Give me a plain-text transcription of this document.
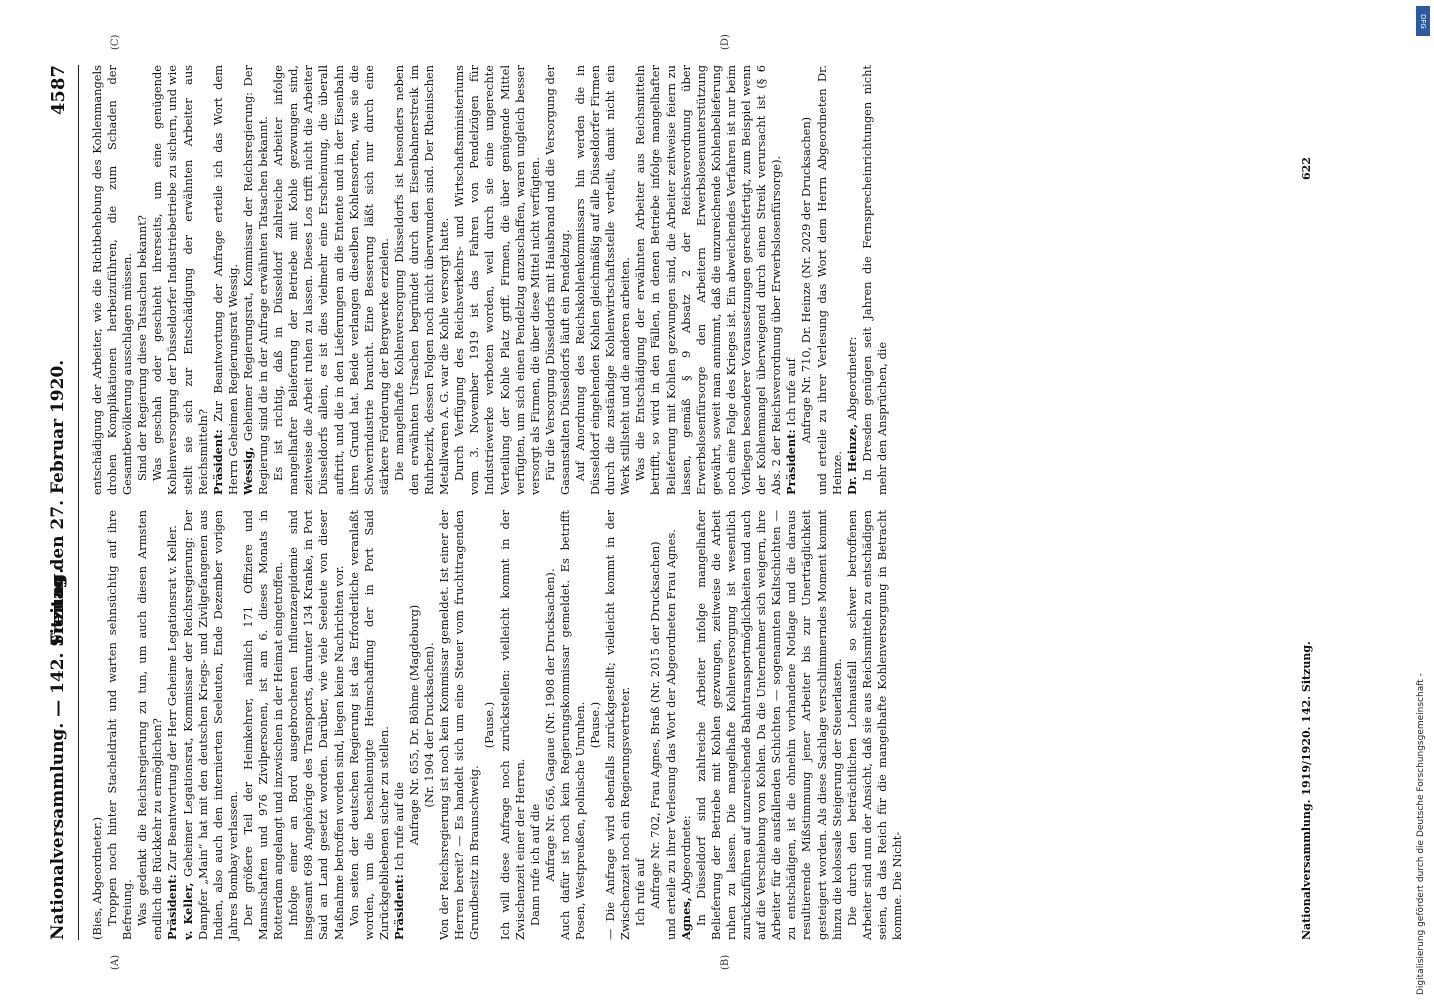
Nationalversammlung. — 142. Sitzung.
Freitag den 27. Februar 1920.
4587
(A)	(B)
(C)	(D)

(Bies, Abgeordneter.) Troppen noch hinter Stacheldraht und warten sehnsüchtig auf ihre Befreiung. Was gedenkt die Reichsregierung zu tun, um auch diesen Armsten endlich die Rückkehr zu ermöglichen? Präsident: Zur Beantwortung der Herr Geheime Legationsrat v. Keller.

v. Keller, Geheimer Legationsrat, Kommissar der Reichsregierung: Der Dampfer „Main“ hat mit den deutschen Kriegs- und Zivilgefangenen aus Indien, also auch den internierten Seeleuten, Ende Dezember vorigen Jahres Bombay verlassen. Der größere Teil der Heimkehrer, nämlich 171 Offiziere und Mannschaften und 976 Zivilpersonen, ist am 6. dieses Monats in Rotterdam angelangt und inzwischen in der Heimat eingetroffen. Infolge einer an Bord ausgebrochenen Influenzaepidemie sind insgesamt 698 Angehörige des Transports, darunter 134 Kranke, in Port Said an Land gesetzt worden. Darüber, wie viele Seeleute von dieser Maßnahme betroffen worden sind, liegen keine Nachrichten vor. Von seiten der deutschen Regierung ist das Erforderliche veranlaßt worden, um die beschleunigte Heimschaffung der in Port Said Zurückgebliebenen sicher zu stellen. Präsident: Ich rufe auf die Anfrage Nr. 655, Dr. Böhme (Magdeburg) (Nr. 1904 der Drucksachen). Von der Reichsregierung ist noch kein Kommissar gemeldet. Ist einer der Herren bereit? — Es handelt sich um eine Steuer vom fruchttragenden Grundbesitz in Braunschweig.

(Pause.) Ich will diese Anfrage noch zurückstellen: vielleicht kommt in der Zwischenzeit einer der Herren. Dann rufe ich auf die Anfrage Nr. 656, Gagaue (Nr. 1908 der Drucksachen). Auch dafür ist noch kein Regierungskommissar gemeldet. Es betrifft Posen, Westpreußen, polnische Unruhen. (Pause.) — Die Anfrage wird ebenfalls zurückgestellt; vielleicht kommt in der Zwischenzeit noch ein Regierungsvertreter. Ich rufe auf Anfrage Nr. 702, Frau Agnes, Braß (Nr. 2015 der Drucksachen) und erteile zu ihrer Verlesung das Wort der Abgeordneten Frau Agnes. Agnes, Abgeordnete: In Düsseldorf sind zahlreiche Arbeiter infolge mangelhafter Belieferung der Betriebe mit Kohlen gezwungen, zeitweise die Arbeit ruhen zu lassen. Die mangelhafte Kohlenversorgung ist wesentlich zurückzuführen auf unzureichende Bahntransportmöglichkeiten und auch auf die Verschiebung von Kohlen. Da die Unternehmer sich weigern, ihre Arbeiter für die ausfallenden Schichten — sogenannten Kaltschichten — zu entschädigen, ist die ohnehin vorhandene Notlage und die daraus resultierende Mißstimmung jener Arbeiter bis zur Unerträglichkeit gesteigert worden. Als diese Sachlage verschlimmerndes Moment kommt hinzu die kolossale Steigerung der Steuerlasten. Die durch den beträchtlichen Lohnausfall so schwer betroffenen Arbeiter sind nun der Ansicht, daß sie aus Reichsmitteln zu entschädigen seien, da das Reich für die mangelhafte Kohlenversorgung in Betracht komme. Die Nicht-

entschädigung der Arbeiter, wie die Richtbehebung des Kohlenmangels drohen Komplikationen herbeizuführen, die zum Schaden der Gesamtbevölkerung ausschlagen müssen. Sind der Regierung diese Tatsachen bekannt? Was geschah oder geschieht ihrerseits, um eine genügende Kohlenversorgung der Düsseldorfer Industriebetriebe zu sichern, und wie stellt sie sich zur Entschädigung der erwähnten Arbeiter aus Reichsmitteln? Präsident: Zur Beantwortung der Anfrage erteile ich das Wort dem Herrn Geheimen Regierungsrat Wessig. Wessig, Geheimer Regierungsrat, Kommissar der Reichsregierung: Der Regierung sind die in der Anfrage erwähnten Tatsachen bekannt. Es ist richtig, daß in Düsseldorf zahlreiche Arbeiter infolge mangelhafter Belieferung der Betriebe mit Kohle gezwungen sind, zeitweise die Arbeit ruhen zu lassen. Dieses Los trifft nicht die Arbeiter Düsseldorfs allein, es ist dies vielmehr eine Erscheinung, die überall auftritt, und die in den Lieferungen an die Entente und in der Eisenbahn ihren Grund hat. Beide verlangen dieselben Kohlensorten, wie sie die Schwerindustrie braucht. Eine Besserung läßt sich nur durch eine stärkere Förderung der Bergwerke erzielen. Die mangelhafte Kohlenversorgung Düsseldorfs ist besonders neben den erwähnten Ursachen begründet durch den Eisenbahnerstreik im Ruhrbezirk, dessen Folgen noch nicht überwunden sind. Der Rheinischen Metallwaren A. G. war die Kohle versorgt hatte. Durch Verfügung des Reichsverkehrs- und Wirtschaftsministeriums vom 3. November 1919 ist das Fahren von Pendelzügen für Industriewerke verboten worden, weil durch sie eine ungerechte Verteilung der Kohle Platz griff. Firmen, die über genügende Mittel verfügten, um sich einen Pendelzug anzuschaffen, waren ungleich besser versorgt als Firmen, die über diese Mittel nicht verfügten. Für die Versorgung Düsseldorfs mit Hausbrand und die Versorgung der Gasanstalten Düsseldorfs läuft ein Pendelzug. Auf Anordnung des Reichskohlenkommissars hin werden die in Düsseldorf eingehenden Kohlen gleichmäßig auf alle Düsseldorfer Firmen durch die zuständige Kohlenwirtschaftsstelle verteilt, damit nicht ein Werk stillsteht und die anderen arbeiten. Was die Entschädigung der erwähnten Arbeiter aus Reichsmitteln betrifft, so wird in den Fällen, in denen Betriebe infolge mangelhafter Belieferung mit Kohlen gezwungen sind, die Arbeiter zeitweise feiern zu lassen, gemäß § 9 Absatz 2 der Reichsverordnung über Erwerbslosenfürsorge den Arbeitern Erwerbslosenunterstützung gewährt, soweit man annimmt, daß die unzureichende Kohlenbelieferung noch eine Folge des Krieges ist. Ein abweichendes Verfahren ist nur beim Vorliegen besonderer Voraussetzungen gerechtfertigt, zum Beispiel wenn der Kohlenmangel überwiegend durch einen Streik verursacht ist (§ 6 Abs. 2 der Reichsverordnung über Erwerbslosenfürsorge). Präsident: Ich rufe auf Anfrage Nr. 710, Dr. Heinze (Nr. 2029 der Drucksachen) und erteile zu ihrer Verlesung das Wort dem Herrn Abgeordneten Dr. Heinze. Dr. Heinze, Abgeordneter: In Dresden genügen seit Jahren die Fernsprecheinrichtungen nicht mehr den Ansprüchen, die

Nationalversammlung. 1919/1920. 142. Sitzung.
622
DFG
Digitalisierung gefördert durch die Deutsche Forschungsgemeinschaft -
